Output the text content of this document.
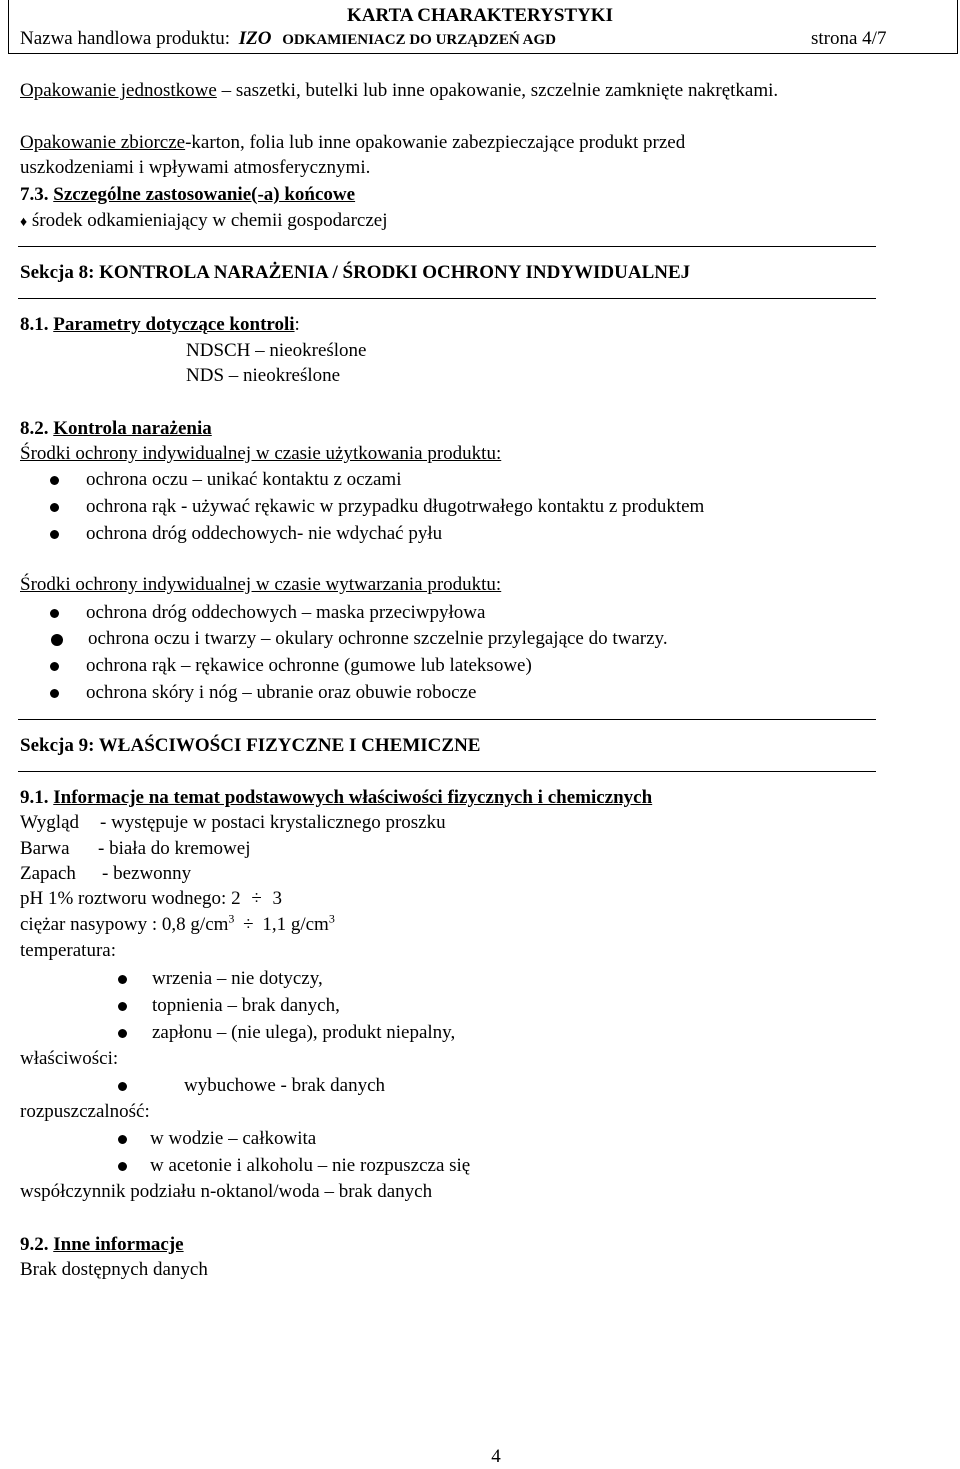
KARTA CHARAKTERYSTYKI
Nazwa handlowa produktu: IZO ODKAMIENIACZ DO URZĄDZEŃ AGD	strona 4/7
Opakowanie jednostkowe – saszetki, butelki lub inne opakowanie, szczelnie zamknięte nakrętkami.
Opakowanie zbiorcze-karton, folia lub inne opakowanie zabezpieczające produkt przed
uszkodzeniami i wpływami atmosferycznymi.
7.3. Szczególne zastosowanie(-a) końcowe
♦ środek odkamieniający w chemii gospodarczej
Sekcja 8: KONTROLA NARAŻENIA / ŚRODKI OCHRONY INDYWIDUALNEJ
8.1. Parametry dotyczące kontroli:
NDSCH – nieokreślone
NDS – nieokreślone
8.2. Kontrola narażenia
Środki ochrony indywidualnej w czasie użytkowania produktu:
ochrona oczu – unikać kontaktu z oczami
ochrona rąk - używać rękawic w przypadku długotrwałego kontaktu z produktem
ochrona dróg oddechowych- nie wdychać pyłu
Środki ochrony indywidualnej w czasie wytwarzania produktu:
ochrona dróg oddechowych – maska przeciwpyłowa
ochrona oczu i twarzy – okulary ochronne szczelnie przylegające do twarzy.
ochrona rąk – rękawice ochronne (gumowe lub lateksowe)
ochrona skóry i nóg – ubranie oraz obuwie robocze
Sekcja 9: WŁAŚCIWOŚCI FIZYCZNE I CHEMICZNE
9.1. Informacje na temat podstawowych właściwości fizycznych i chemicznych
Wygląd - występuje w postaci krystalicznego proszku
Barwa - biała do kremowej
Zapach - bezwonny
pH 1% roztworu wodnego: 2 ÷ 3
ciężar nasypowy : 0,8 $g/cm^3 \div 1,1$ $g/cm^3$
temperatura:
wrzenia – nie dotyczy,
topnienia – brak danych,
zapłonu – (nie ulega), produkt niepalny,
właściwości:
wybuchowe - brak danych
rozpuszczalność:
w wodzie – całkowita
w acetonie i alkoholu – nie rozpuszcza się
współczynnik podziału n-oktanol/woda – brak danych
9.2. Inne informacje
Brak dostępnych danych
4
